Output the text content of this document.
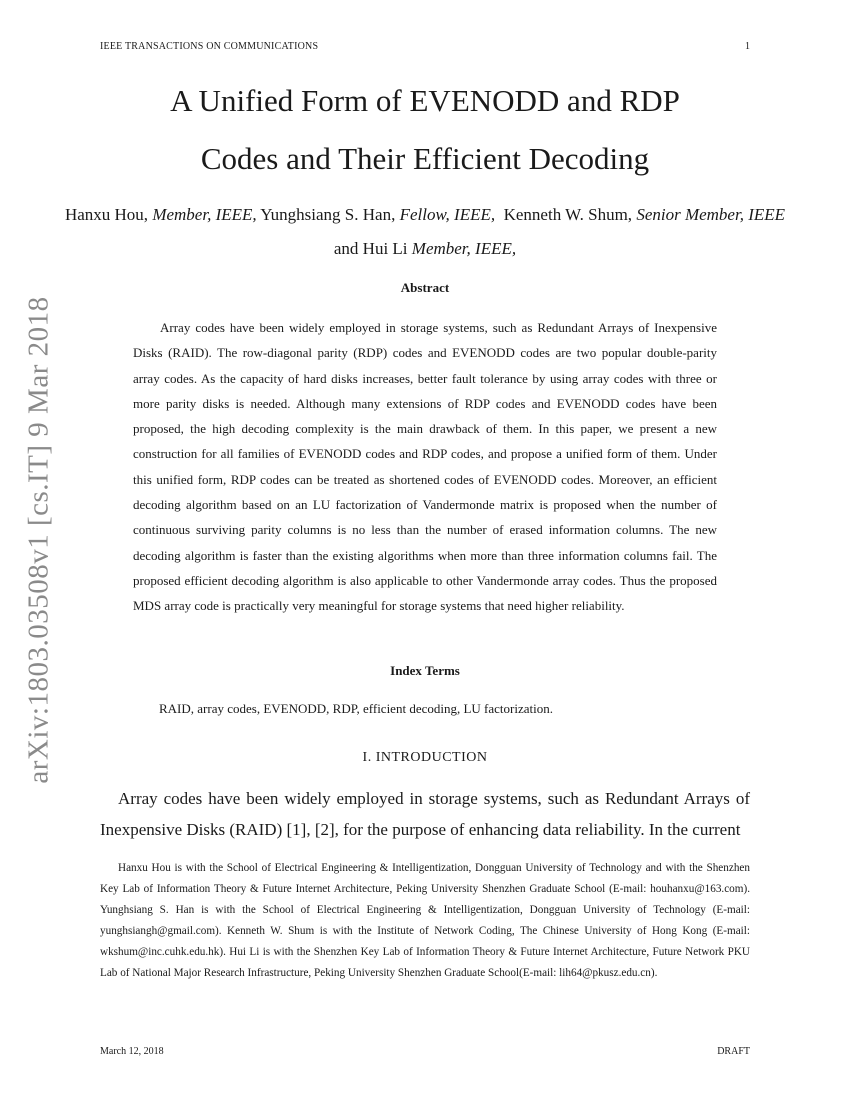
IEEE TRANSACTIONS ON COMMUNICATIONS	1
arXiv:1803.03508v1 [cs.IT] 9 Mar 2018
A Unified Form of EVENODD and RDP
Codes and Their Efficient Decoding
Hanxu Hou, Member, IEEE, Yunghsiang S. Han, Fellow, IEEE, Kenneth W. Shum, Senior Member, IEEE and Hui Li Member, IEEE,
Abstract
Array codes have been widely employed in storage systems, such as Redundant Arrays of Inexpensive Disks (RAID). The row-diagonal parity (RDP) codes and EVENODD codes are two popular double-parity array codes. As the capacity of hard disks increases, better fault tolerance by using array codes with three or more parity disks is needed. Although many extensions of RDP codes and EVENODD codes have been proposed, the high decoding complexity is the main drawback of them. In this paper, we present a new construction for all families of EVENODD codes and RDP codes, and propose a unified form of them. Under this unified form, RDP codes can be treated as shortened codes of EVENODD codes. Moreover, an efficient decoding algorithm based on an LU factorization of Vandermonde matrix is proposed when the number of continuous surviving parity columns is no less than the number of erased information columns. The new decoding algorithm is faster than the existing algorithms when more than three information columns fail. The proposed efficient decoding algorithm is also applicable to other Vandermonde array codes. Thus the proposed MDS array code is practically very meaningful for storage systems that need higher reliability.
Index Terms
RAID, array codes, EVENODD, RDP, efficient decoding, LU factorization.
I. INTRODUCTION
Array codes have been widely employed in storage systems, such as Redundant Arrays of Inexpensive Disks (RAID) [1], [2], for the purpose of enhancing data reliability. In the current
Hanxu Hou is with the School of Electrical Engineering & Intelligentization, Dongguan University of Technology and with the Shenzhen Key Lab of Information Theory & Future Internet Architecture, Peking University Shenzhen Graduate School (E-mail: houhanxu@163.com). Yunghsiang S. Han is with the School of Electrical Engineering & Intelligentization, Dongguan University of Technology (E-mail: yunghsiangh@gmail.com). Kenneth W. Shum is with the Institute of Network Coding, The Chinese University of Hong Kong (E-mail: wkshum@inc.cuhk.edu.hk). Hui Li is with the Shenzhen Key Lab of Information Theory & Future Internet Architecture, Future Network PKU Lab of National Major Research Infrastructure, Peking University Shenzhen Graduate School(E-mail: lih64@pkusz.edu.cn).
March 12, 2018	DRAFT
